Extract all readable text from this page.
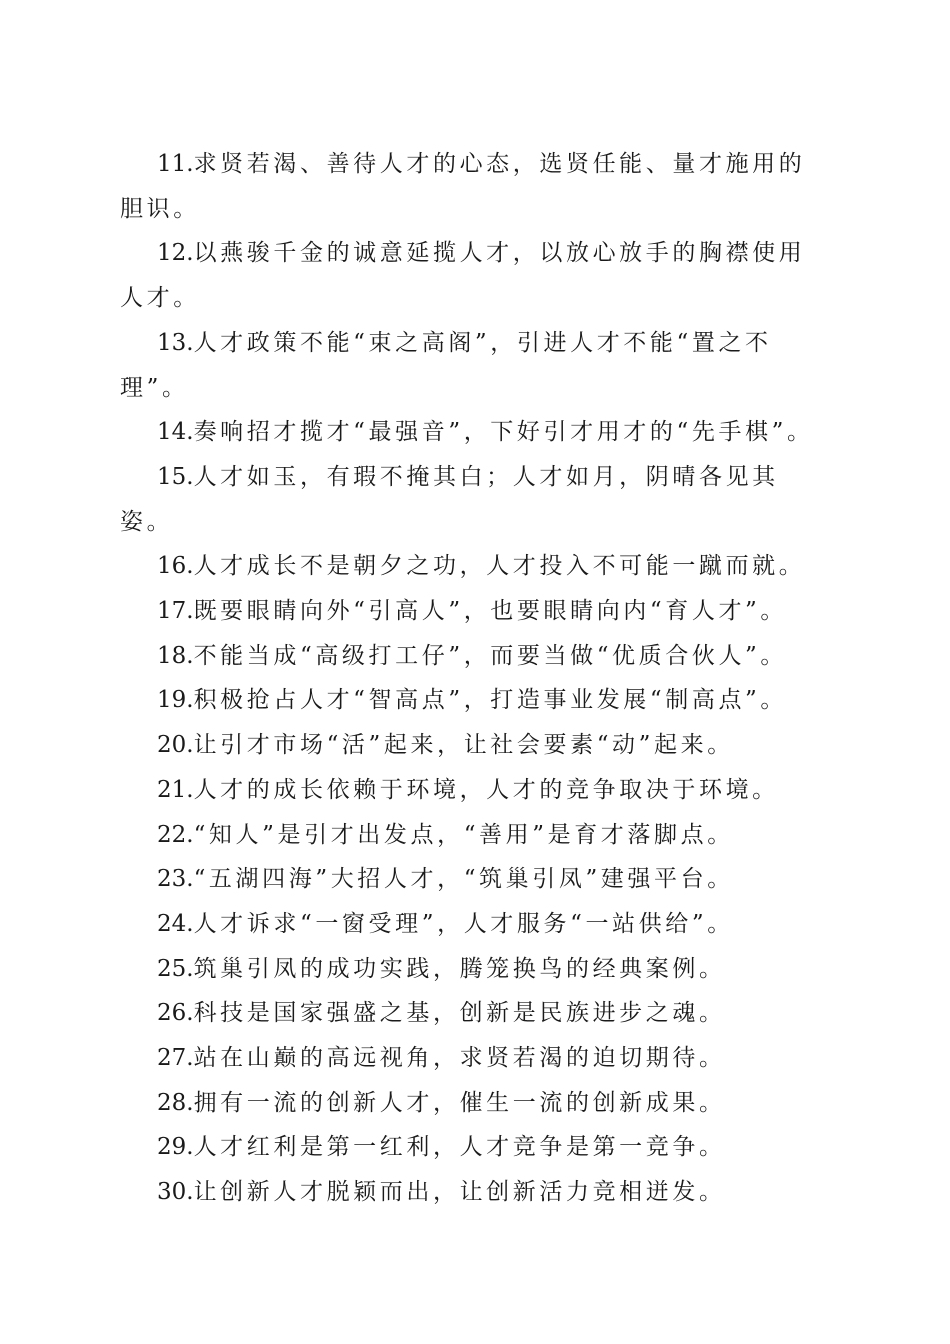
11.求贤若渴、善待人才的心态，选贤任能、量才施用的胆识。

12.以燕骏千金的诚意延揽人才，以放心放手的胸襟使用人才。

13.人才政策不能“束之高阁”，引进人才不能“置之不理”。

14.奏响招才揽才“最强音”，下好引才用才的“先手棋”。

15.人才如玉，有瑕不掩其白；人才如月，阴晴各见其姿。

16.人才成长不是朝夕之功，人才投入不可能一蹴而就。

17.既要眼睛向外“引高人”，也要眼睛向内“育人才”。

18.不能当成“高级打工仔”，而要当做“优质合伙人”。

19.积极抢占人才“智高点”，打造事业发展“制高点”。

20.让引才市场“活”起来，让社会要素“动”起来。

21.人才的成长依赖于环境，人才的竞争取决于环境。

22.“知人”是引才出发点，“善用”是育才落脚点。

23.“五湖四海”大招人才，“筑巢引凤”建强平台。

24.人才诉求“一窗受理”，人才服务“一站供给”。

25.筑巢引凤的成功实践，腾笼换鸟的经典案例。

26.科技是国家强盛之基，创新是民族进步之魂。

27.站在山巅的高远视角，求贤若渴的迫切期待。

28.拥有一流的创新人才，催生一流的创新成果。

29.人才红利是第一红利，人才竞争是第一竞争。

30.让创新人才脱颖而出，让创新活力竞相迸发。
